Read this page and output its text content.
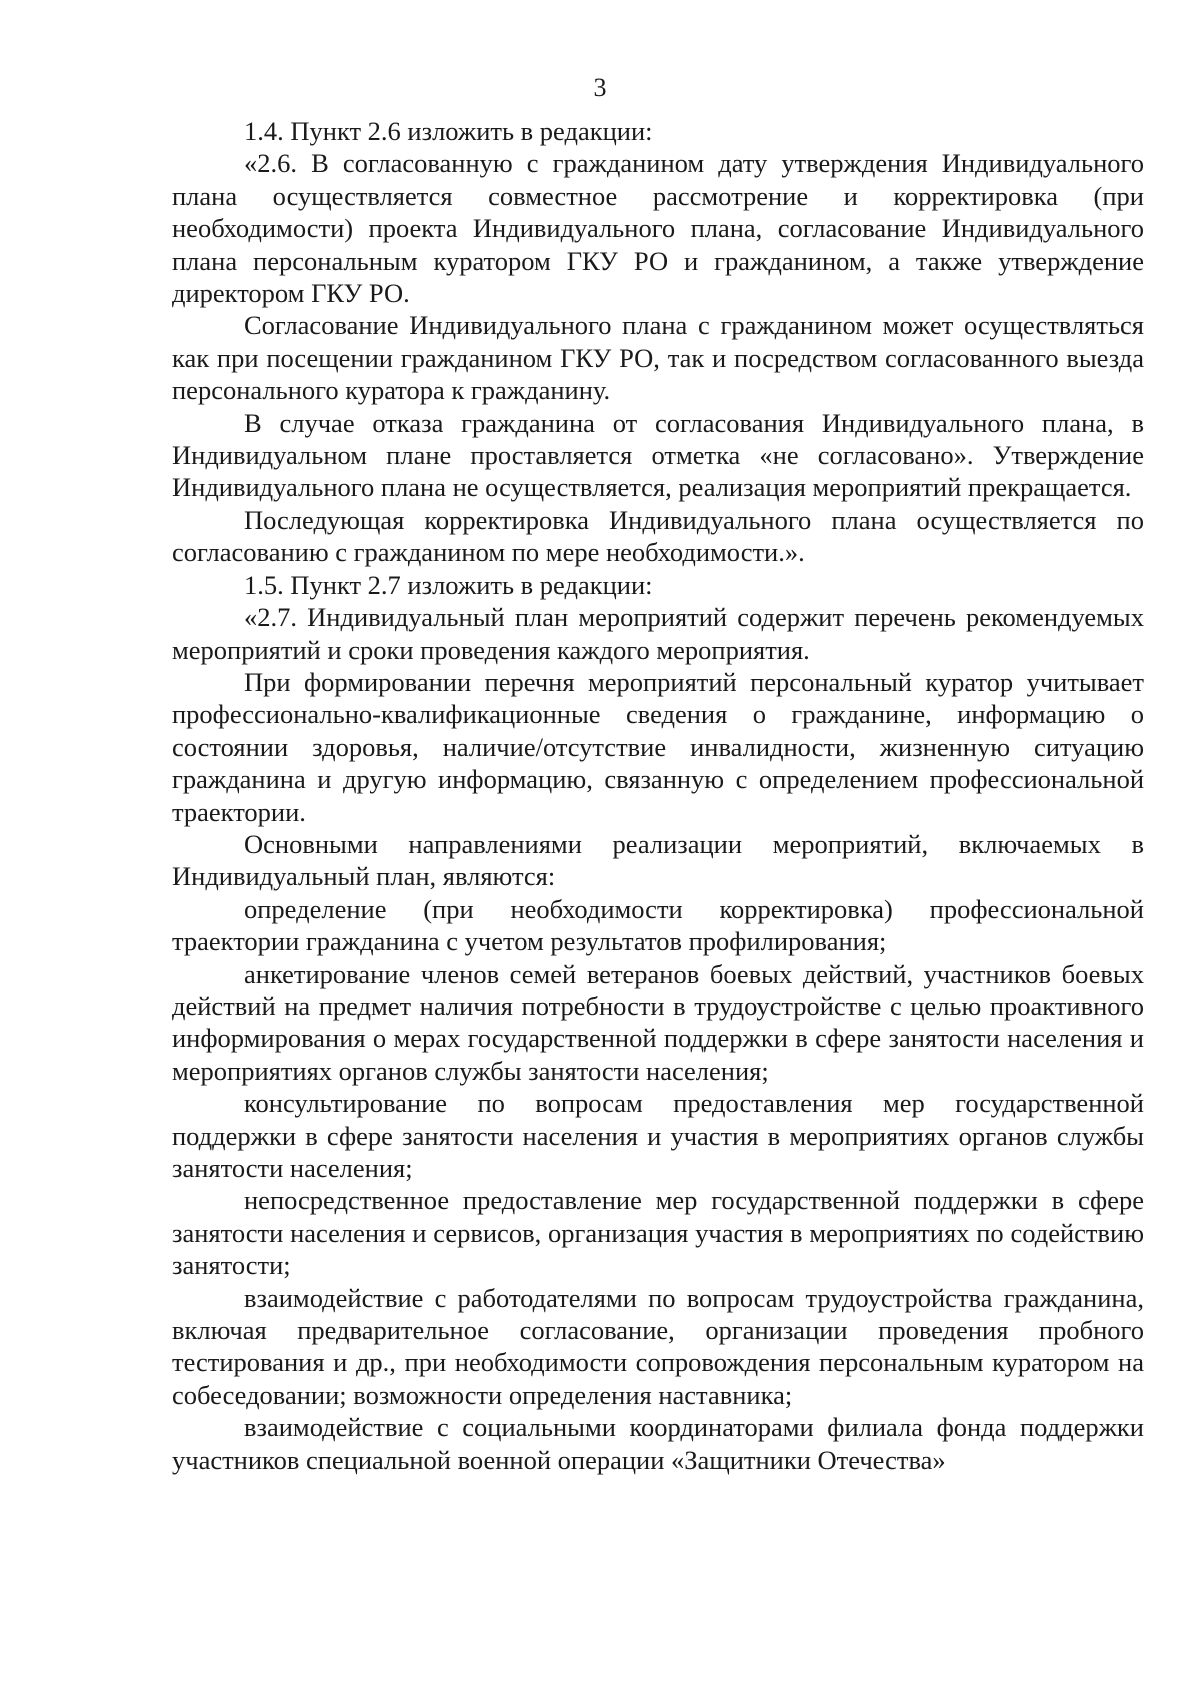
3

1.4. Пункт 2.6 изложить в редакции:

«2.6. В согласованную с гражданином дату утверждения Индивидуального плана осуществляется совместное рассмотрение и корректировка (при необходимости) проекта Индивидуального плана, согласование Индивидуального плана персональным куратором ГКУ РО и гражданином, а также утверждение директором ГКУ РО.

Согласование Индивидуального плана с гражданином может осуществляться как при посещении гражданином ГКУ РО, так и посредством согласованного выезда персонального куратора к гражданину.

В случае отказа гражданина от согласования Индивидуального плана, в Индивидуальном плане проставляется отметка «не согласовано». Утверждение Индивидуального плана не осуществляется, реализация мероприятий прекращается.

Последующая корректировка Индивидуального плана осуществляется по согласованию с гражданином по мере необходимости.».

1.5. Пункт 2.7 изложить в редакции:

«2.7. Индивидуальный план мероприятий содержит перечень рекомендуемых мероприятий и сроки проведения каждого мероприятия.

При формировании перечня мероприятий персональный куратор учитывает профессионально-квалификационные сведения о гражданине, информацию о состоянии здоровья, наличие/отсутствие инвалидности, жизненную ситуацию гражданина и другую информацию, связанную с определением профессиональной траектории.

Основными направлениями реализации мероприятий, включаемых в Индивидуальный план, являются:

определение (при необходимости корректировка) профессиональной траектории гражданина с учетом результатов профилирования;

анкетирование членов семей ветеранов боевых действий, участников боевых действий на предмет наличия потребности в трудоустройстве с целью проактивного информирования о мерах государственной поддержки в сфере занятости населения и мероприятиях органов службы занятости населения;

консультирование по вопросам предоставления мер государственной поддержки в сфере занятости населения и участия в мероприятиях органов службы занятости населения;

непосредственное предоставление мер государственной поддержки в сфере занятости населения и сервисов, организация участия в мероприятиях по содействию занятости;

взаимодействие с работодателями по вопросам трудоустройства гражданина, включая предварительное согласование, организации проведения пробного тестирования и др., при необходимости сопровождения персональным куратором на собеседовании; возможности определения наставника;

взаимодействие с социальными координаторами филиала фонда поддержки участников специальной военной операции «Защитники Отечества»
